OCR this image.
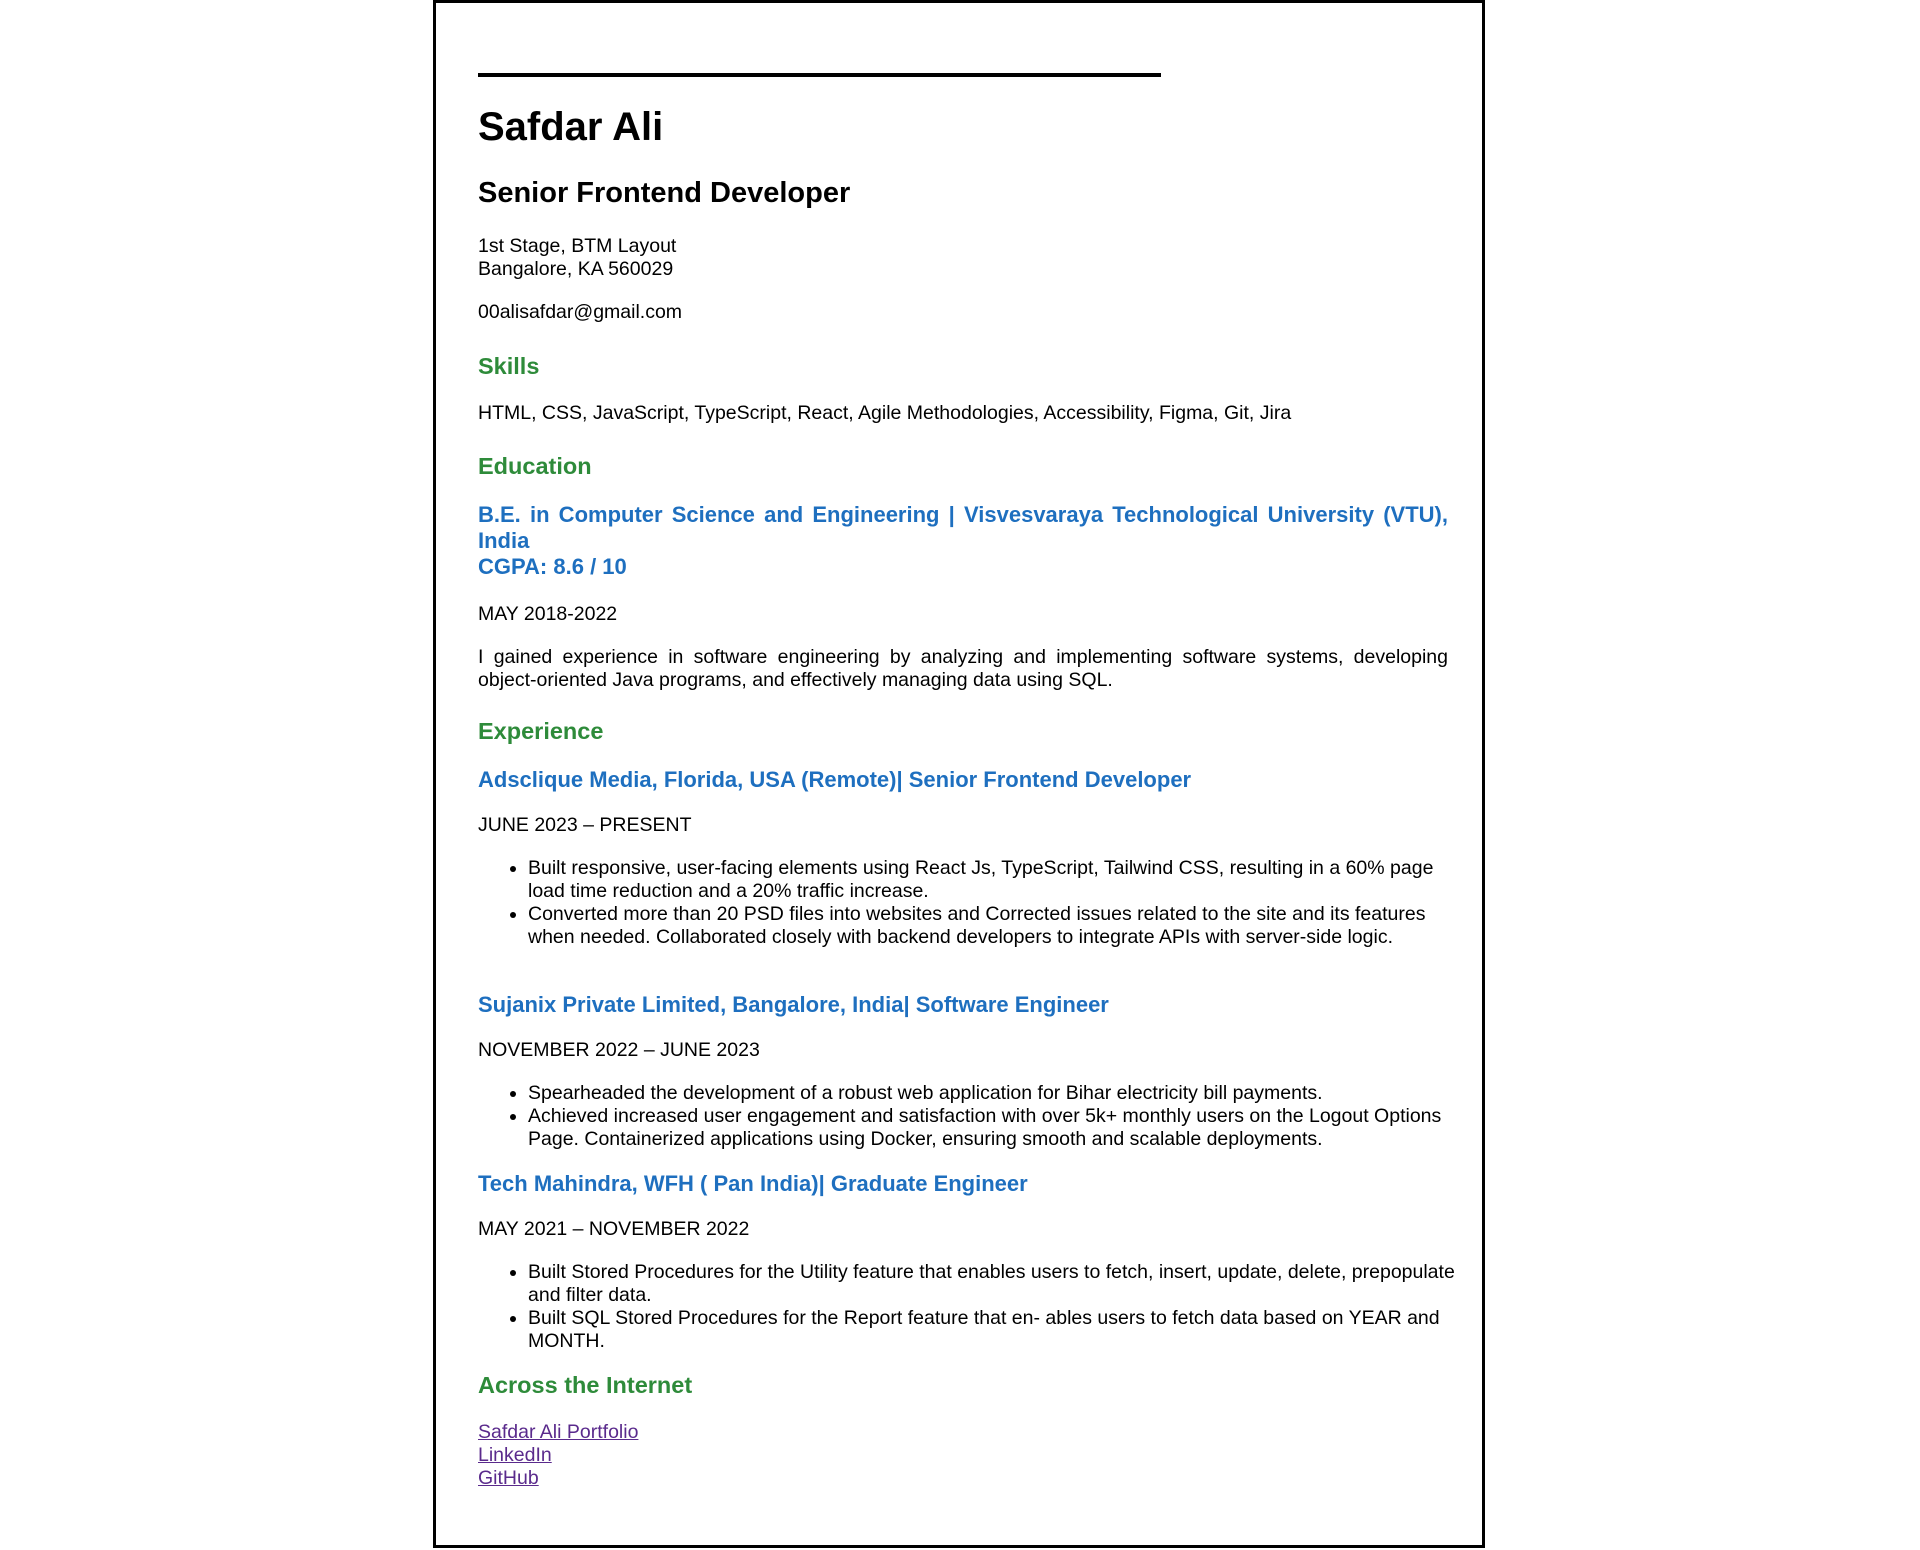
Safdar Ali
Senior Frontend Developer
1st Stage, BTM Layout
Bangalore, KA 560029
00alisafdar@gmail.com
Skills
HTML, CSS, JavaScript, TypeScript, React, Agile Methodologies, Accessibility, Figma, Git, Jira
Education
B.E. in Computer Science and Engineering | Visvesvaraya Technological University (VTU), India
CGPA: 8.6 / 10
MAY 2018-2022
I gained experience in software engineering by analyzing and implementing software systems, developing object-oriented Java programs, and effectively managing data using SQL.
Experience
Adsclique Media, Florida, USA (Remote)| Senior Frontend Developer
JUNE 2023 – PRESENT
• Built responsive, user-facing elements using React Js, TypeScript, Tailwind CSS, resulting in a 60% page load time reduction and a 20% traffic increase.
• Converted more than 20 PSD files into websites and Corrected issues related to the site and its features when needed. Collaborated closely with backend developers to integrate APIs with server-side logic.
Sujanix Private Limited, Bangalore, India| Software Engineer
NOVEMBER 2022 – JUNE 2023
• Spearheaded the development of a robust web application for Bihar electricity bill payments.
• Achieved increased user engagement and satisfaction with over 5k+ monthly users on the Logout Options Page. Containerized applications using Docker, ensuring smooth and scalable deployments.
Tech Mahindra, WFH ( Pan India)| Graduate Engineer
MAY 2021 – NOVEMBER 2022
• Built Stored Procedures for the Utility feature that enables users to fetch, insert, update, delete, prepopulate and filter data.
• Built SQL Stored Procedures for the Report feature that en- ables users to fetch data based on YEAR and MONTH.
Across the Internet
Safdar Ali Portfolio
LinkedIn
GitHub
